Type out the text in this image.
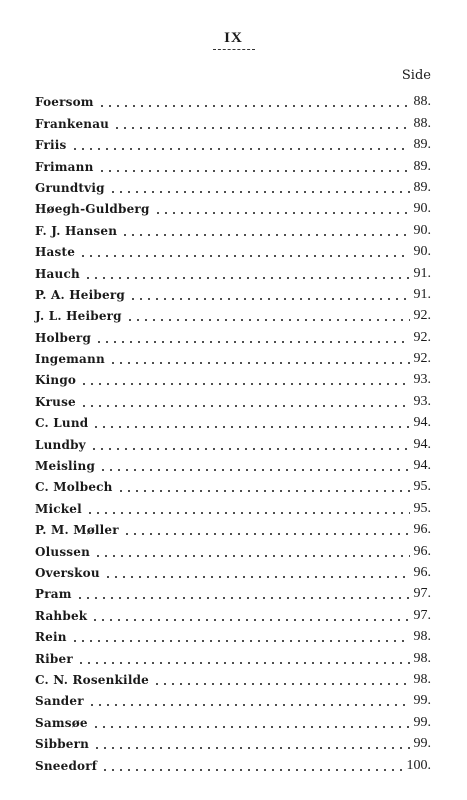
IX
Side
Foersom	88.
Frankenau	88.
Friis	89.
Frimann	89.
Grundtvig	89.
Høegh-Guldberg	90.
F. J. Hansen	90.
Haste	90.
Hauch	91.
P. A. Heiberg	91.
J. L. Heiberg	92.
Holberg	92.
Ingemann	92.
Kingo	93.
Kruse	93.
C. Lund	94.
Lundby	94.
Meisling	94.
C. Molbech	95.
Mickel	95.
P. M. Møller	96.
Olussen	96.
Overskou	96.
Pram	97.
Rahbek	97.
Rein	98.
Riber	98.
C. N. Rosenkilde	98.
Sander	99.
Samsøe	99.
Sibbern	99.
Sneedorf	100.
